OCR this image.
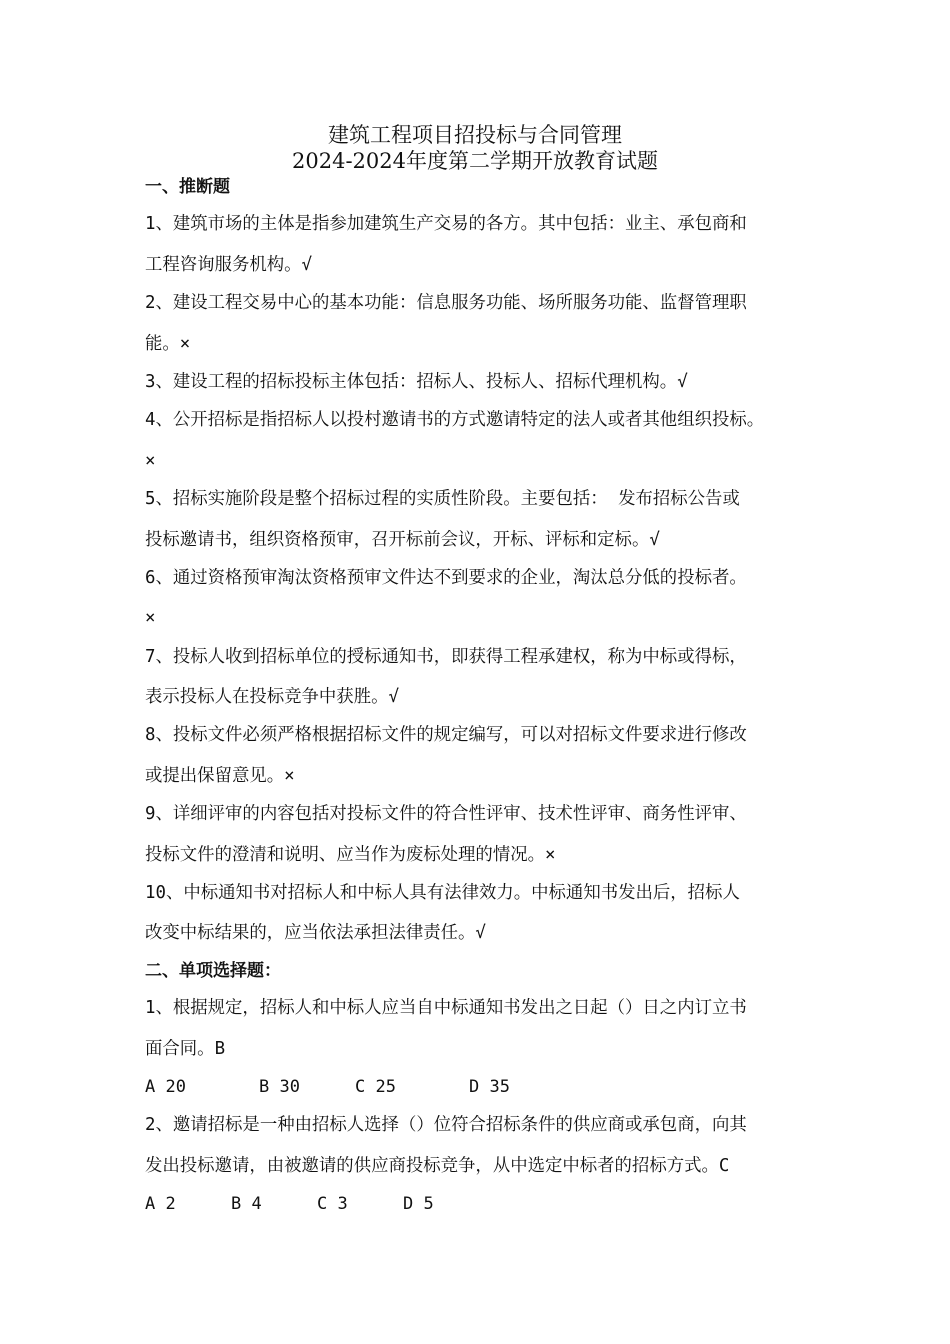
建筑工程项目招投标与合同管理
2024-2024年度第二学期开放教育试题
一、推断题
1、建筑市场的主体是指参加建筑生产交易的各方。其中包括：业主、承包商和
工程咨询服务机构。√
2、建设工程交易中心的基本功能：信息服务功能、场所服务功能、监督管理职
能。×
3、建设工程的招标投标主体包括：招标人、投标人、招标代理机构。√
4、公开招标是指招标人以投村邀请书的方式邀请特定的法人或者其他组织投标。
×
5、招标实施阶段是整个招标过程的实质性阶段。主要包括： 发布招标公告或
投标邀请书，组织资格预审，召开标前会议，开标、评标和定标。√
6、通过资格预审淘汰资格预审文件达不到要求的企业，淘汰总分低的投标者。
×
7、投标人收到招标单位的授标通知书，即获得工程承建权，称为中标或得标，
表示投标人在投标竞争中获胜。√
8、投标文件必须严格根据招标文件的规定编写，可以对招标文件要求进行修改
或提出保留意见。×
9、详细评审的内容包括对投标文件的符合性评审、技术性评审、商务性评审、
投标文件的澄清和说明、应当作为废标处理的情况。×
10、中标通知书对招标人和中标人具有法律效力。中标通知书发出后，招标人
改变中标结果的，应当依法承担法律责任。√
二、单项选择题：
1、根据规定，招标人和中标人应当自中标通知书发出之日起（）日之内订立书
面合同。B
A 20	B 30	C 25	D 35
2、邀请招标是一种由招标人选择（）位符合招标条件的供应商或承包商，向其
发出投标邀请，由被邀请的供应商投标竞争，从中选定中标者的招标方式。C
A 2	B 4	C 3	D 5
